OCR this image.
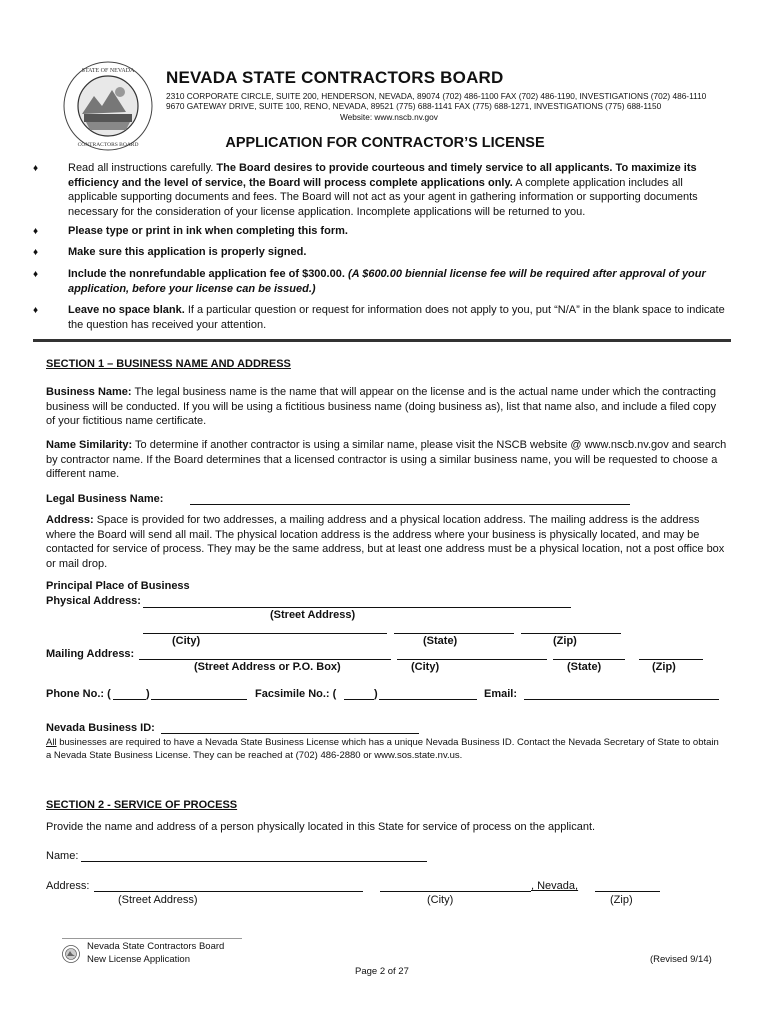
STATE OF NEVADA
CONTRACTORS BOARD
NEVADA STATE CONTRACTORS BOARD
2310 CORPORATE CIRCLE, SUITE 200, HENDERSON, NEVADA, 89074 (702) 486-1100 FAX (702) 486-1190, INVESTIGATIONS (702) 486-1110
9670 GATEWAY DRIVE, SUITE 100, RENO, NEVADA, 89521 (775) 688-1141 FAX (775) 688-1271, INVESTIGATIONS (775) 688-1150
Website: www.nscb.nv.gov
APPLICATION FOR CONTRACTOR’S LICENSE
♦	Read all instructions carefully. The Board desires to provide courteous and timely service to all applicants. To maximize its efficiency and the level of service, the Board will process complete applications only. A complete application includes all applicable supporting documents and fees. The Board will not act as your agent in gathering information or supporting documents necessary for the consideration of your license application. Incomplete applications will be returned to you.
♦	Please type or print in ink when completing this form.
♦	Make sure this application is properly signed.
♦	Include the nonrefundable application fee of $300.00. (A $600.00 biennial license fee will be required after approval of your application, before your license can be issued.)
♦	Leave no space blank. If a particular question or request for information does not apply to you, put “N/A” in the blank space to indicate the question has received your attention.
SECTION 1 – BUSINESS NAME AND ADDRESS
Business Name: The legal business name is the name that will appear on the license and is the actual name under which the contracting business will be conducted. If you will be using a fictitious business name (doing business as), list that name also, and include a filed copy of your fictitious name certificate.
Name Similarity: To determine if another contractor is using a similar name, please visit the NSCB website @ www.nscb.nv.gov and search by contractor name. If the Board determines that a licensed contractor is using a similar business name, you will be requested to choose a different name.
Legal Business Name:
Address: Space is provided for two addresses, a mailing address and a physical location address. The mailing address is the address where the Board will send all mail. The physical location address is the address where your business is physically located, and may be contacted for service of process. They may be the same address, but at least one address must be a physical location, not a post office box or mail drop.
Principal Place of Business
Physical Address:
(Street Address)
(City)	(State)	(Zip)
Mailing Address:
(Street Address or P.O. Box)	(City)	(State)	(Zip)
Phone No.: (	)	Facsimile No.: (	)	Email:
Nevada Business ID:
All businesses are required to have a Nevada State Business License which has a unique Nevada Business ID. Contact the Nevada Secretary of State to obtain a Nevada State Business License. They can be reached at (702) 486-2880 or www.sos.state.nv.us.
SECTION 2 - SERVICE OF PROCESS
Provide the name and address of a person physically located in this State for service of process on the applicant.
Name:
Address:	, Nevada,
(Street Address)	(City)	(Zip)
Nevada State Contractors Board
New License Application	(Revised 9/14)
Page 2 of 27
